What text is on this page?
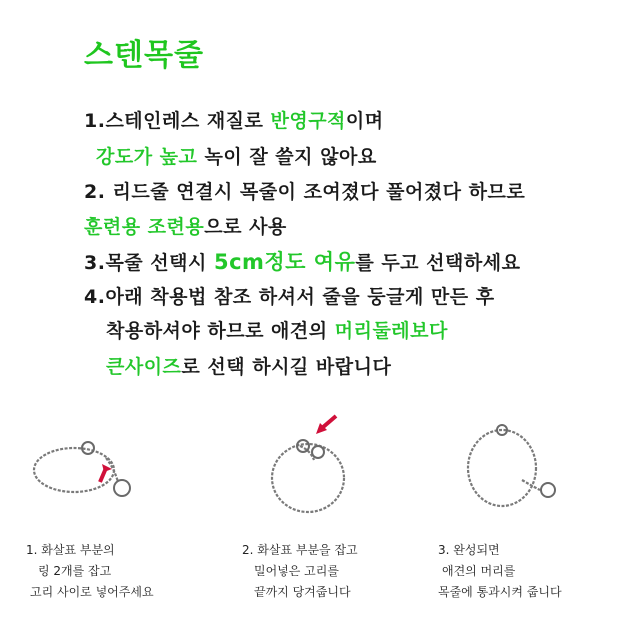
스텐목줄
1.스테인레스 재질로 반영구적이며
강도가 높고 녹이 잘 쓸지 않아요
2. 리드줄 연결시 목줄이 조여졌다 풀어졌다 하므로
훈련용 조련용으로 사용
3.목줄 선택시 5cm정도 여유를 두고 선택하세요
4.아래 착용법 참조 하셔서 줄을 둥글게 만든 후
착용하셔야 하므로 애견의 머리둘레보다
큰사이즈로 선택 하시길 바랍니다
1. 화살표 부분의
링 2개를 잡고
고리 사이로 넣어주세요
2. 화살표 부분을 잡고
밀어넣은 고리를
끝까지 당겨줍니다
3. 완성되면
애견의 머리를
목줄에 통과시켜 줍니다
